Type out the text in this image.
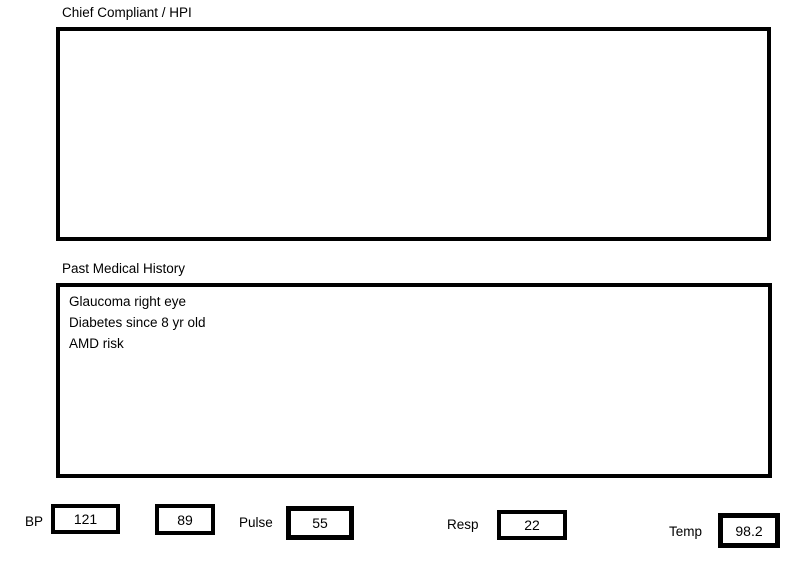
Chief Compliant / HPI
Past Medical History
Glaucoma right eye Diabetes since 8 yr old AMD risk
BP
121
89	Pulse
55	Resp
22	Temp
98.2
